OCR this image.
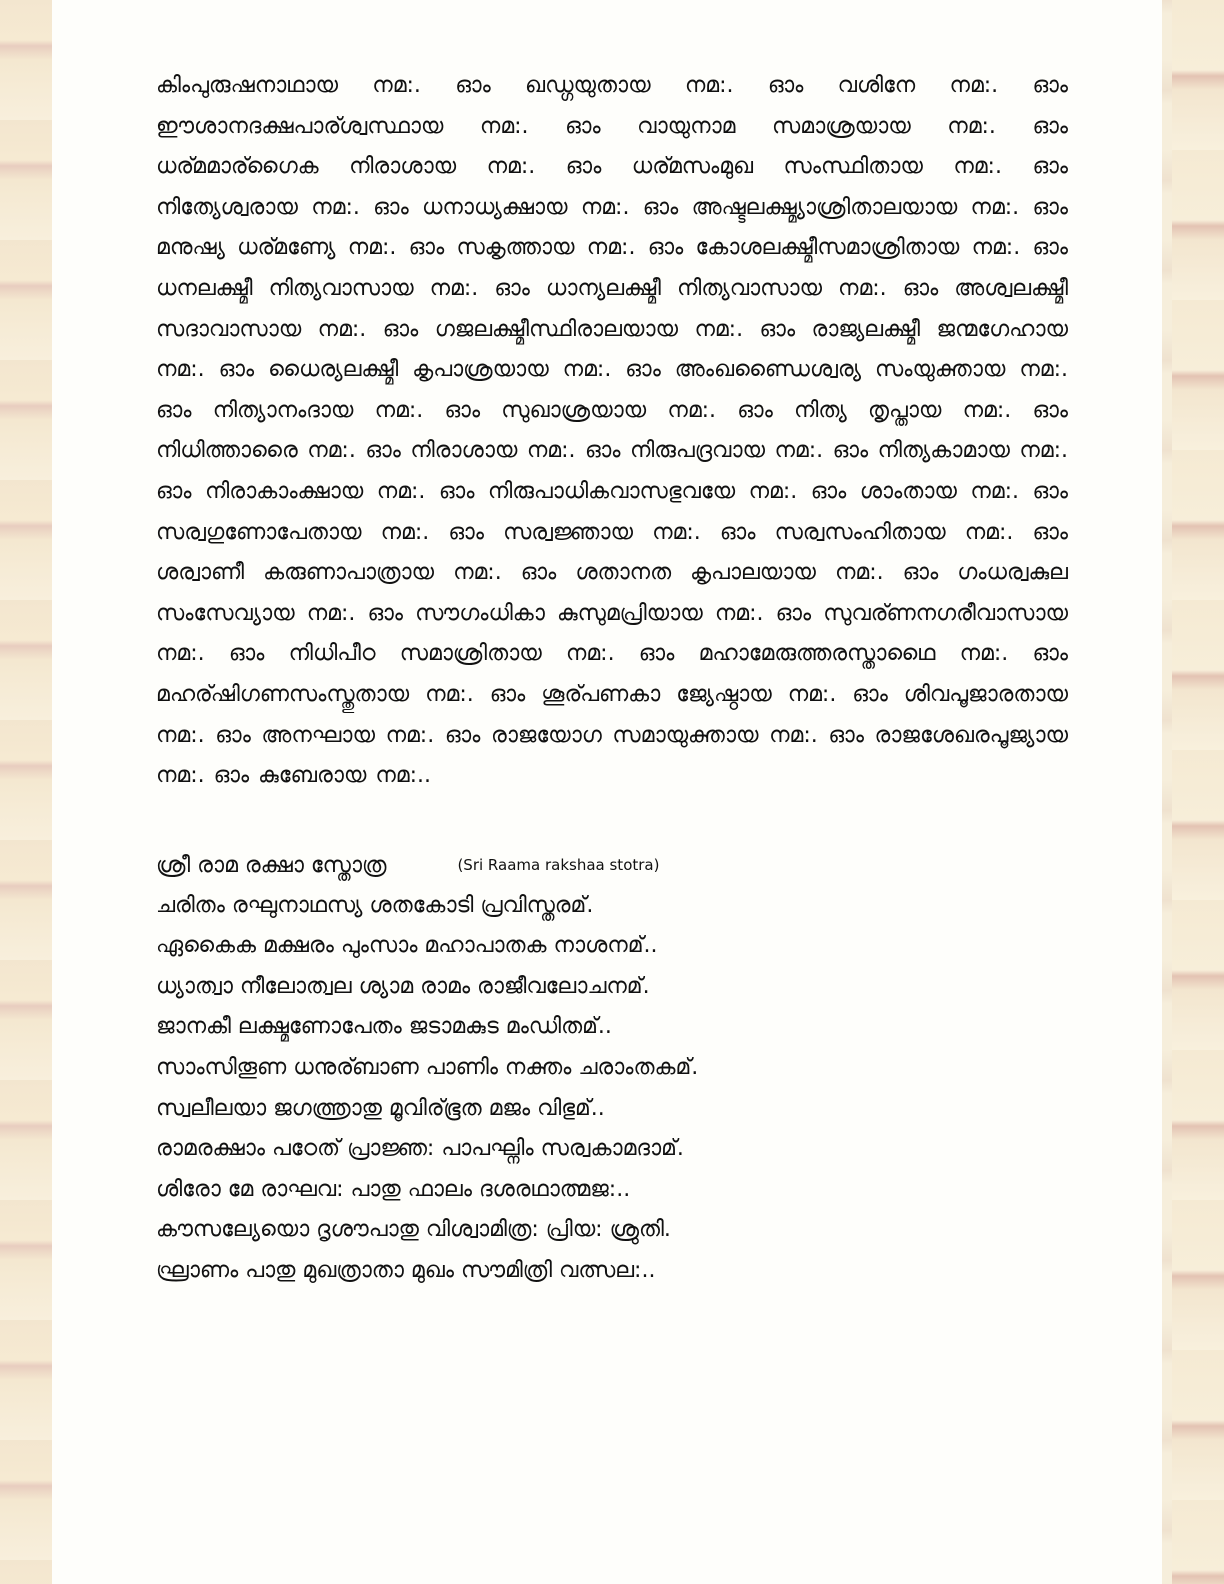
കിംപുരുഷനാഥായ നമ:. ഓം ഖഡ്ഗയുതായ നമ:. ഓം വശിനേ നമ:. ഓം ഈശാനദക്ഷപാര്ശ്വസ്ഥായ നമ:. ഓം വായുനാമ സമാശ്രയായ നമ:. ഓം ധര്മമാര്ഗൈക നിരാശായ നമ:. ഓം ധര്മസംമുഖ സംസ്ഥിതായ നമ:. ഓം നിത്യേശ്വരായ നമ:. ഓം ധനാധ്യക്ഷായ നമ:. ഓം അഷ്ടലക്ഷ്മ്യാശ്രിതാലയായ നമ:. ഓം മനുഷ്യ ധര്മണ്യേ നമ:. ഓം സകൃത്തായ നമ:. ഓം കോശലക്ഷ്മീസമാശ്രിതായ നമ:. ഓം ധനലക്ഷ്മീ നിത്യവാസായ നമ:. ഓം ധാന്യലക്ഷ്മീ നിത്യവാസായ നമ:. ഓം അശ്വലക്ഷ്മീ സദാവാസായ നമ:. ഓം ഗജലക്ഷ്മീസ്ഥിരാലയായ നമ:. ഓം രാജ്യലക്ഷ്മീ ജന്മഗേഹായ നമ:. ഓം ധൈര്യലക്ഷ്മീ കൃപാശ്രയായ നമ:. ഓം അംഖണ്ഡൈശ്വര്യ സംയുക്തായ നമ:. ഓം നിത്യാനംദായ നമ:. ഓം സുഖാശ്രയായ നമ:. ഓം നിത്യ തൃപ്തായ നമ:. ഓം നിധിത്താരൈ നമ:. ഓം നിരാശായ നമ:. ഓം നിരുപദ്രവായ നമ:. ഓം നിത്യകാമായ നമ:. ഓം നിരാകാംക്ഷായ നമ:. ഓം നിരുപാധികവാസഭുവയേ നമ:. ഓം ശാംതായ നമ:. ഓം സര്വഗുണോപേതായ നമ:. ഓം സര്വജ്ഞായ നമ:. ഓം സര്വസംഹിതായ നമ:. ഓം ശര്വാണീ കരുണാപാത്രായ നമ:. ഓം ശതാനത കൃപാലയായ നമ:. ഓം ഗംധര്വകുല സംസേവ്യായ നമ:. ഓം സൗഗംധികാ കുസുമപ്രിയായ നമ:. ഓം സുവര്ണനഗരീവാസായ നമ:. ഓം നിധിപീഠ സമാശ്രിതായ നമ:. ഓം മഹാമേരുത്തരസ്താഥൈ നമ:. ഓം മഹര്ഷിഗണസംസ്തുതായ നമ:. ഓം ശൂര്പണകാ ജ്യേഷ്ഠായ നമ:. ഓം ശിവപൂജാരതായ നമ:. ഓം അനഘായ നമ:. ഓം രാജയോഗ സമായുക്തായ നമ:. ഓം രാജശേഖരപൂജ്യായ നമ:. ഓം കുബേരായ നമ:..

ശ്രീ രാമ രക്ഷാ സ്തോത്ര	(Sri Raama rakshaa stotra)

ചരിതം രഘുനാഥസ്യ ശതകോടി പ്രവിസ്തരമ്.

ഏകൈക മക്ഷരം പുംസാം മഹാപാതക നാശനമ്..

ധ്യാത്വാ നീലോത്വല ശ്യാമ രാമം രാജീവലോചനമ്.

ജാനകീ ലക്ഷ്മണോപേതം ജടാമകുട മംഡിതമ്..

സാംസിതൂണ ധനുര്ബാണ പാണിം നക്തം ചരാംതകമ്.

സ്വലീലയാ ജഗത്ത്രാതു മൂവിര്ഭൂത മജം വിഭുമ്..

രാമരക്ഷാം പഠേത് പ്രാജ്ഞ: പാപഘ്നിം സര്വകാമദാമ്.

ശിരോ മേ രാഘവ: പാതു ഫാലം ദശരഥാത്മജ:..

കൗസല്യേയൊ ദൃശൗപാതു വിശ്വാമിത്ര: പ്രിയ: ശ്രുതി.

ഘ്രാണം പാതു മുഖത്രാതാ മുഖം സൗമിത്രി വത്സല:..
